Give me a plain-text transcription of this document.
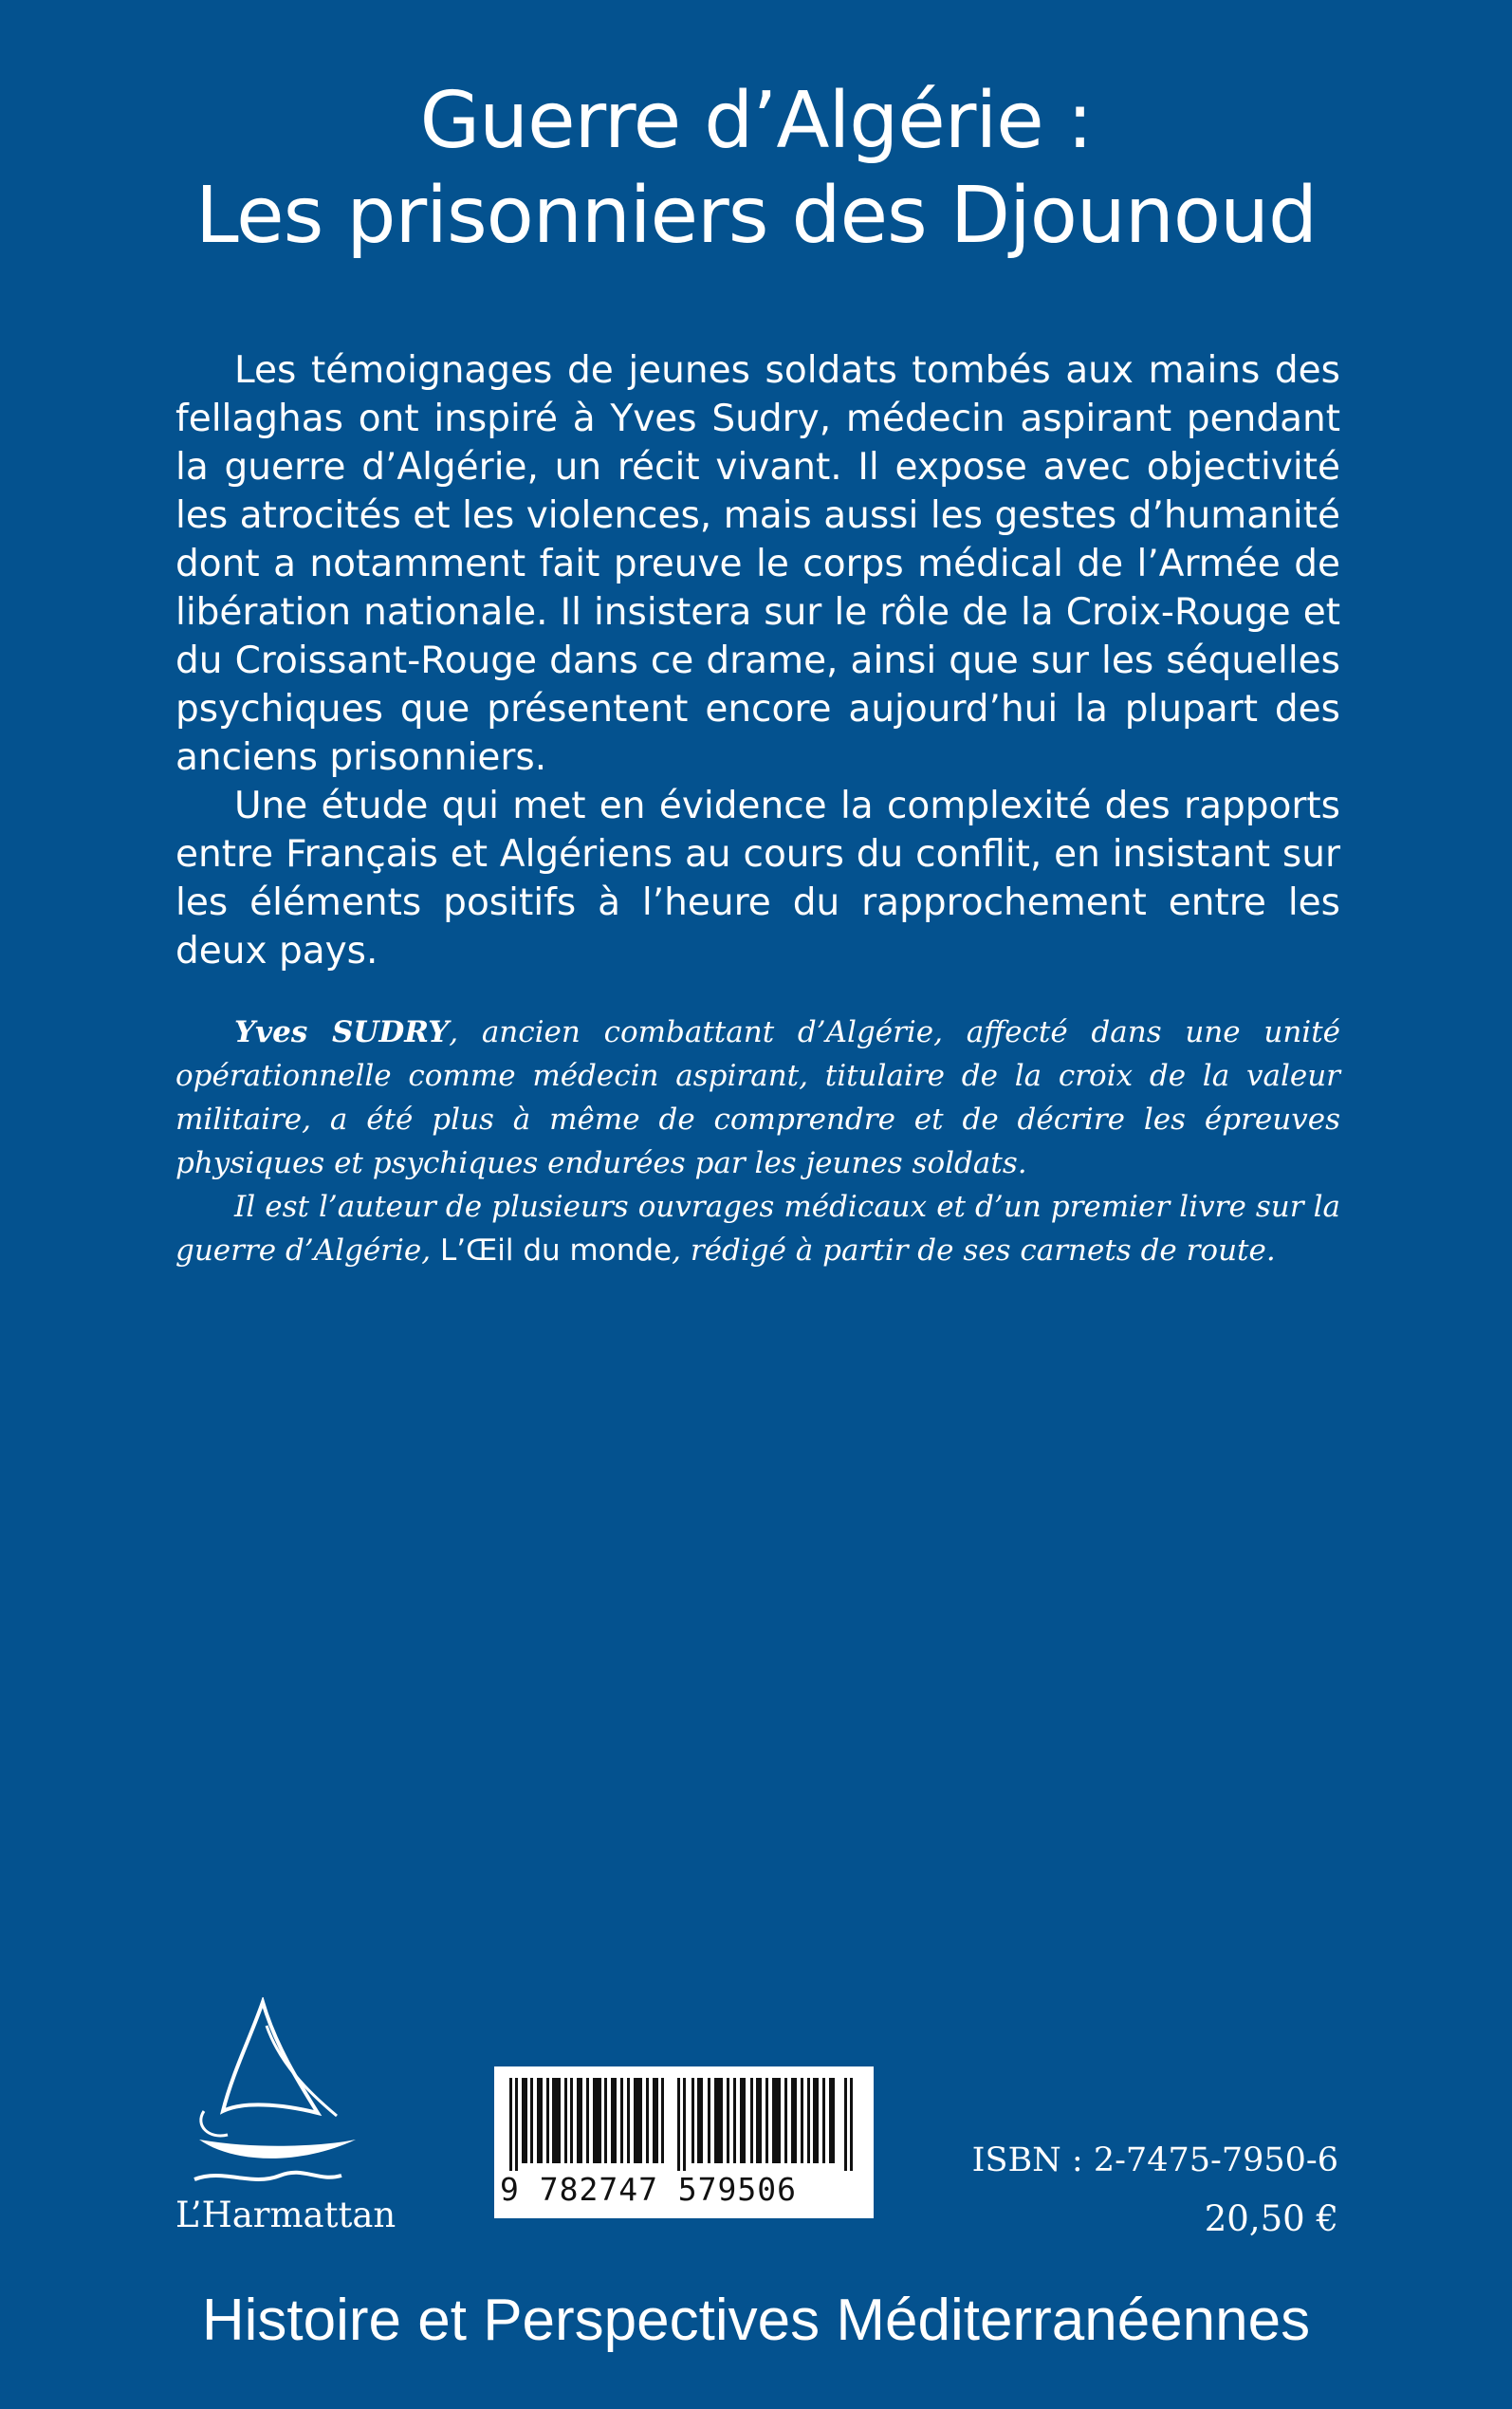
Guerre d’Algérie :
Les prisonniers des Djounoud

Les témoignages de jeunes soldats tombés aux mains des fellaghas ont inspiré à Yves Sudry, médecin aspirant pendant la guerre d’Algérie, un récit vivant. Il expose avec objectivité les atrocités et les violences, mais aussi les gestes d’humanité dont a notamment fait preuve le corps médical de l’Armée de libération nationale. Il insistera sur le rôle de la Croix-Rouge et du Croissant-Rouge dans ce drame, ainsi que sur les séquelles psychiques que présentent encore aujourd’hui la plupart des anciens prisonniers.

Une étude qui met en évidence la complexité des rapports entre Français et Algériens au cours du conflit, en insistant sur les éléments positifs à l’heure du rapprochement entre les deux pays.

Yves SUDRY, ancien combattant d’Algérie, affecté dans une unité opérationnelle comme médecin aspirant, titulaire de la croix de la valeur militaire, a été plus à même de comprendre et de décrire les épreuves physiques et psychiques endurées par les jeunes soldats.

Il est l’auteur de plusieurs ouvrages médicaux et d’un premier livre sur la guerre d’Algérie, L’Œil du monde, rédigé à partir de ses carnets de route.

L’Harmattan
9 782747 579506
ISBN : 2-7475-7950-6
20,50 €
Histoire et Perspectives Méditerranéennes
